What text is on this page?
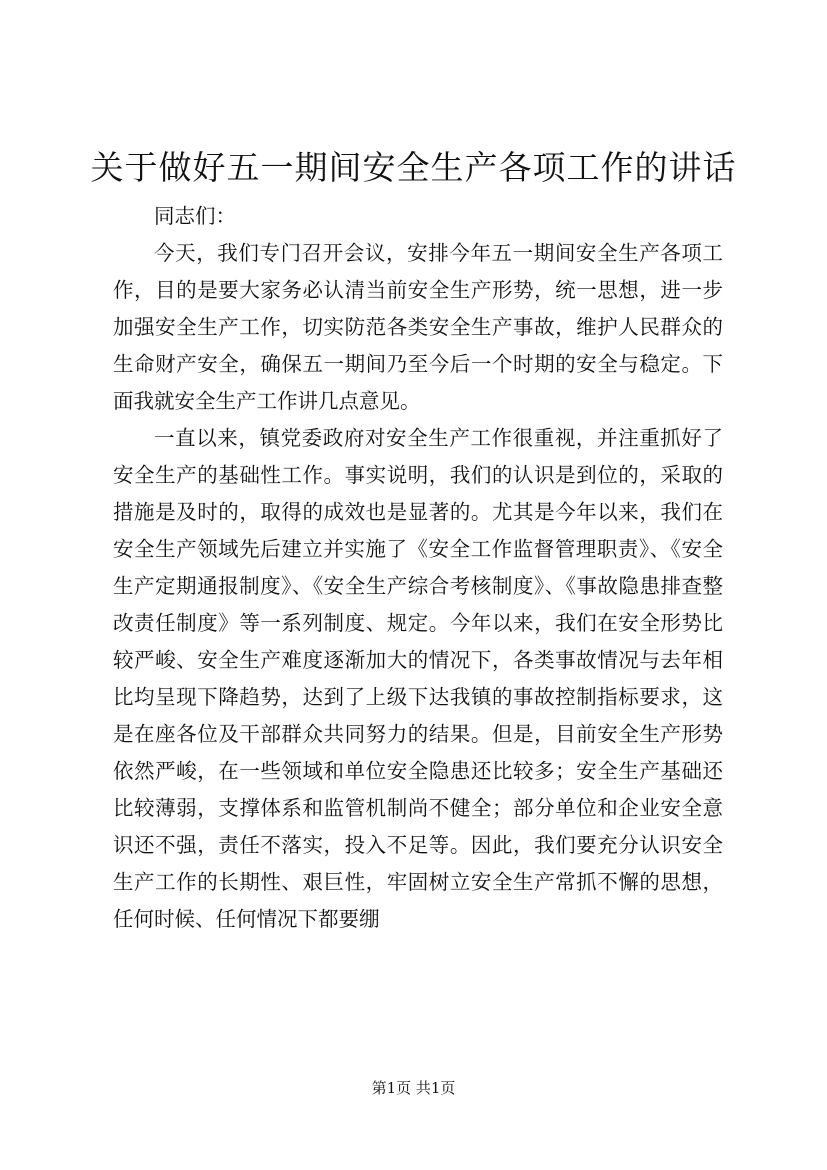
关于做好五一期间安全生产各项工作的讲话

同志们：

今天，我们专门召开会议，安排今年五一期间安全生产各项工作，目的是要大家务必认清当前安全生产形势，统一思想，进一步加强安全生产工作，切实防范各类安全生产事故，维护人民群众的生命财产安全，确保五一期间乃至今后一个时期的安全与稳定。下面我就安全生产工作讲几点意见。

一直以来，镇党委政府对安全生产工作很重视，并注重抓好了安全生产的基础性工作。事实说明，我们的认识是到位的，采取的措施是及时的，取得的成效也是显著的。尤其是今年以来，我们在安全生产领域先后建立并实施了《安全工作监督管理职责》、《安全生产定期通报制度》、《安全生产综合考核制度》、《事故隐患排查整改责任制度》等一系列制度、规定。今年以来，我们在安全形势比较严峻、安全生产难度逐渐加大的情况下，各类事故情况与去年相比均呈现下降趋势，达到了上级下达我镇的事故控制指标要求，这是在座各位及干部群众共同努力的结果。但是，目前安全生产形势依然严峻，在一些领域和单位安全隐患还比较多；安全生产基础还比较薄弱，支撑体系和监管机制尚不健全；部分单位和企业安全意识还不强，责任不落实，投入不足等。因此，我们要充分认识安全生产工作的长期性、艰巨性，牢固树立安全生产常抓不懈的思想，任何时候、任何情况下都要绷

第1页 共1页
